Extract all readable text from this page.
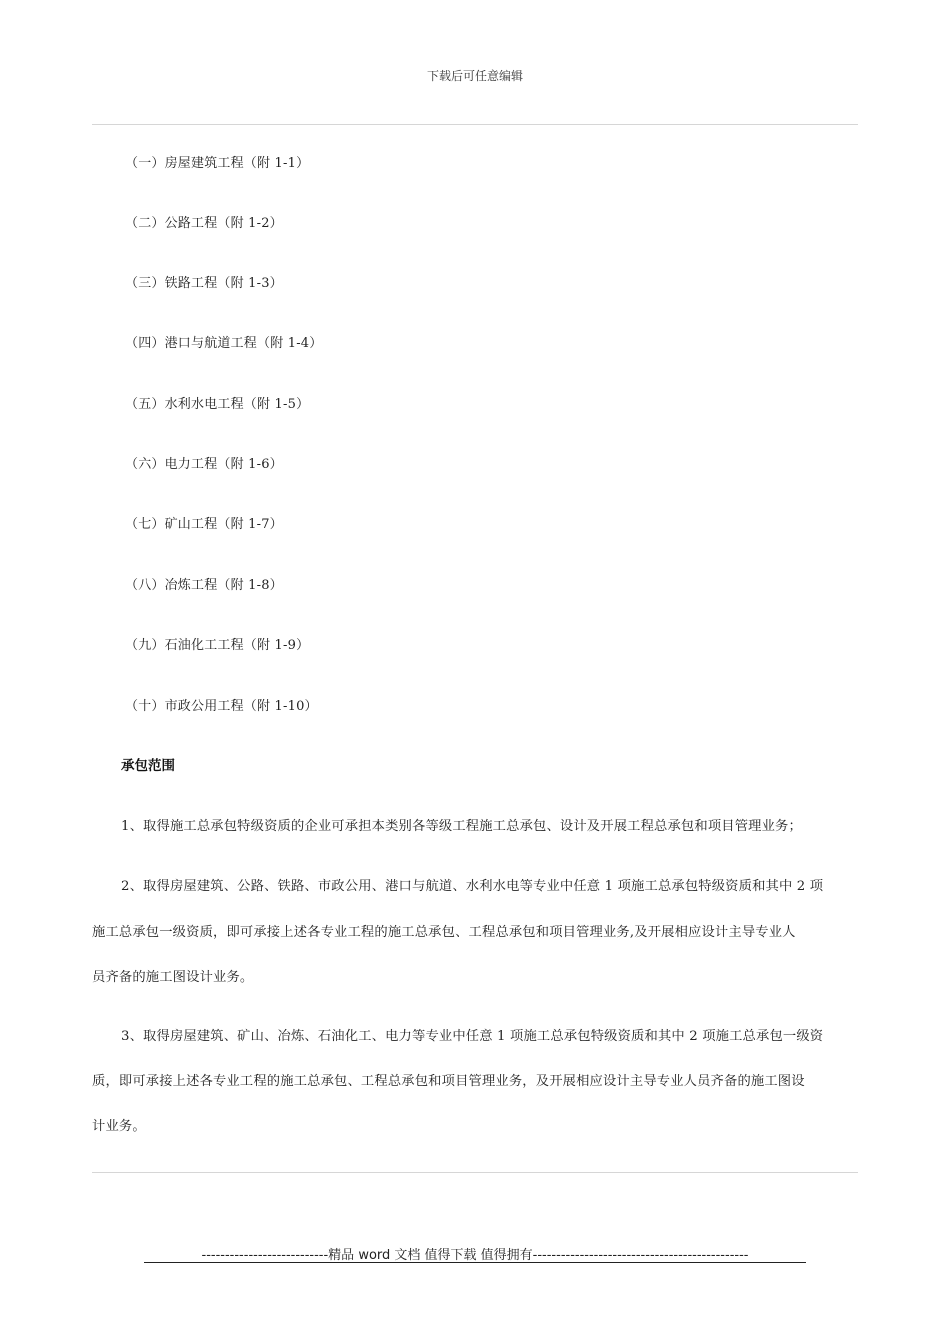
下载后可任意编辑
（一）房屋建筑工程（附 1-1）
（二）公路工程（附 1-2）
（三）铁路工程（附 1-3）
（四）港口与航道工程（附 1-4）
（五）水利水电工程（附 1-5）
（六）电力工程（附 1-6）
（七）矿山工程（附 1-7）
（八）冶炼工程（附 1-8）
（九）石油化工工程（附 1-9）
（十）市政公用工程（附 1-10）
承包范围
1、取得施工总承包特级资质的企业可承担本类别各等级工程施工总承包、设计及开展工程总承包和项目管理业务；
2、取得房屋建筑、公路、铁路、市政公用、港口与航道、水利水电等专业中任意 1 项施工总承包特级资质和其中 2 项
施工总承包一级资质，即可承接上述各专业工程的施工总承包、工程总承包和项目管理业务,及开展相应设计主导专业人
员齐备的施工图设计业务。
3、取得房屋建筑、矿山、冶炼、石油化工、电力等专业中任意 1 项施工总承包特级资质和其中 2 项施工总承包一级资
质，即可承接上述各专业工程的施工总承包、工程总承包和项目管理业务，及开展相应设计主导专业人员齐备的施工图设
计业务。
---------------------------精品 word 文档 值得下载 值得拥有----------------------------------------------
